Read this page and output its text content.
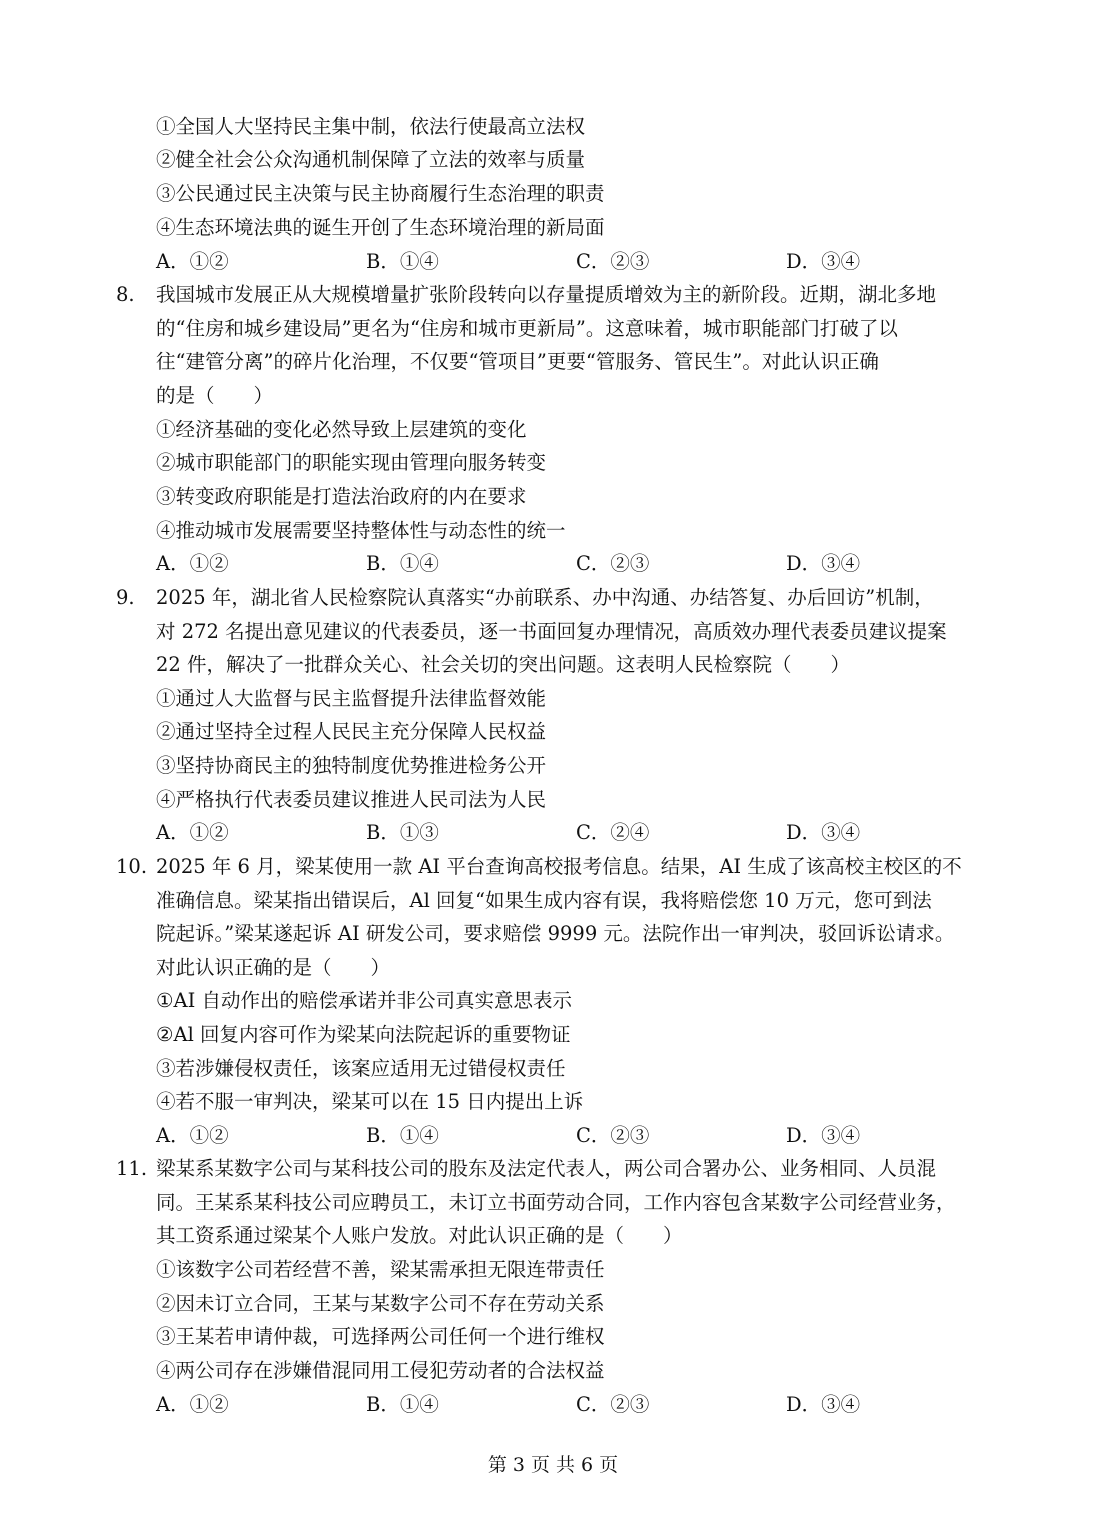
①全国人大坚持民主集中制，依法行使最高立法权
②健全社会公众沟通机制保障了立法的效率与质量
③公民通过民主决策与民主协商履行生态治理的职责
④生态环境法典的诞生开创了生态环境治理的新局面
A．①②	B．①④	C．②③	D．③④
8. 我国城市发展正从大规模增量扩张阶段转向以存量提质增效为主的新阶段。近期，湖北多地
的“住房和城乡建设局”更名为“住房和城市更新局”。这意味着，城市职能部门打破了以
往“建管分离”的碎片化治理，不仅要“管项目”更要“管服务、管民生”。对此认识正确
的是（　　）
①经济基础的变化必然导致上层建筑的变化
②城市职能部门的职能实现由管理向服务转变
③转变政府职能是打造法治政府的内在要求
④推动城市发展需要坚持整体性与动态性的统一
A．①②	B．①④	C．②③	D．③④
9. 2025 年，湖北省人民检察院认真落实“办前联系、办中沟通、办结答复、办后回访”机制，
对 272 名提出意见建议的代表委员，逐一书面回复办理情况，高质效办理代表委员建议提案
22 件，解决了一批群众关心、社会关切的突出问题。这表明人民检察院（　　）
①通过人大监督与民主监督提升法律监督效能
②通过坚持全过程人民民主充分保障人民权益
③坚持协商民主的独特制度优势推进检务公开
④严格执行代表委员建议推进人民司法为人民
A．①②	B．①③	C．②④	D．③④
10. 2025 年 6 月，梁某使用一款 AI 平台查询高校报考信息。结果，AI 生成了该高校主校区的不
准确信息。梁某指出错误后，Al 回复“如果生成内容有误，我将赔偿您 10 万元，您可到法
院起诉。”梁某遂起诉 AI 研发公司，要求赔偿 9999 元。法院作出一审判决，驳回诉讼请求。
对此认识正确的是（　　）
①AI 自动作出的赔偿承诺并非公司真实意思表示
②Al 回复内容可作为梁某向法院起诉的重要物证
③若涉嫌侵权责任，该案应适用无过错侵权责任
④若不服一审判决，梁某可以在 15 日内提出上诉
A．①②	B．①④	C．②③	D．③④
11. 梁某系某数字公司与某科技公司的股东及法定代表人，两公司合署办公、业务相同、人员混
同。王某系某科技公司应聘员工，未订立书面劳动合同，工作内容包含某数字公司经营业务，
其工资系通过梁某个人账户发放。对此认识正确的是（　　）
①该数字公司若经营不善，梁某需承担无限连带责任
②因未订立合同，王某与某数字公司不存在劳动关系
③王某若申请仲裁，可选择两公司任何一个进行维权
④两公司存在涉嫌借混同用工侵犯劳动者的合法权益
A．①②	B．①④	C．②③	D．③④
第 3 页 共 6 页
